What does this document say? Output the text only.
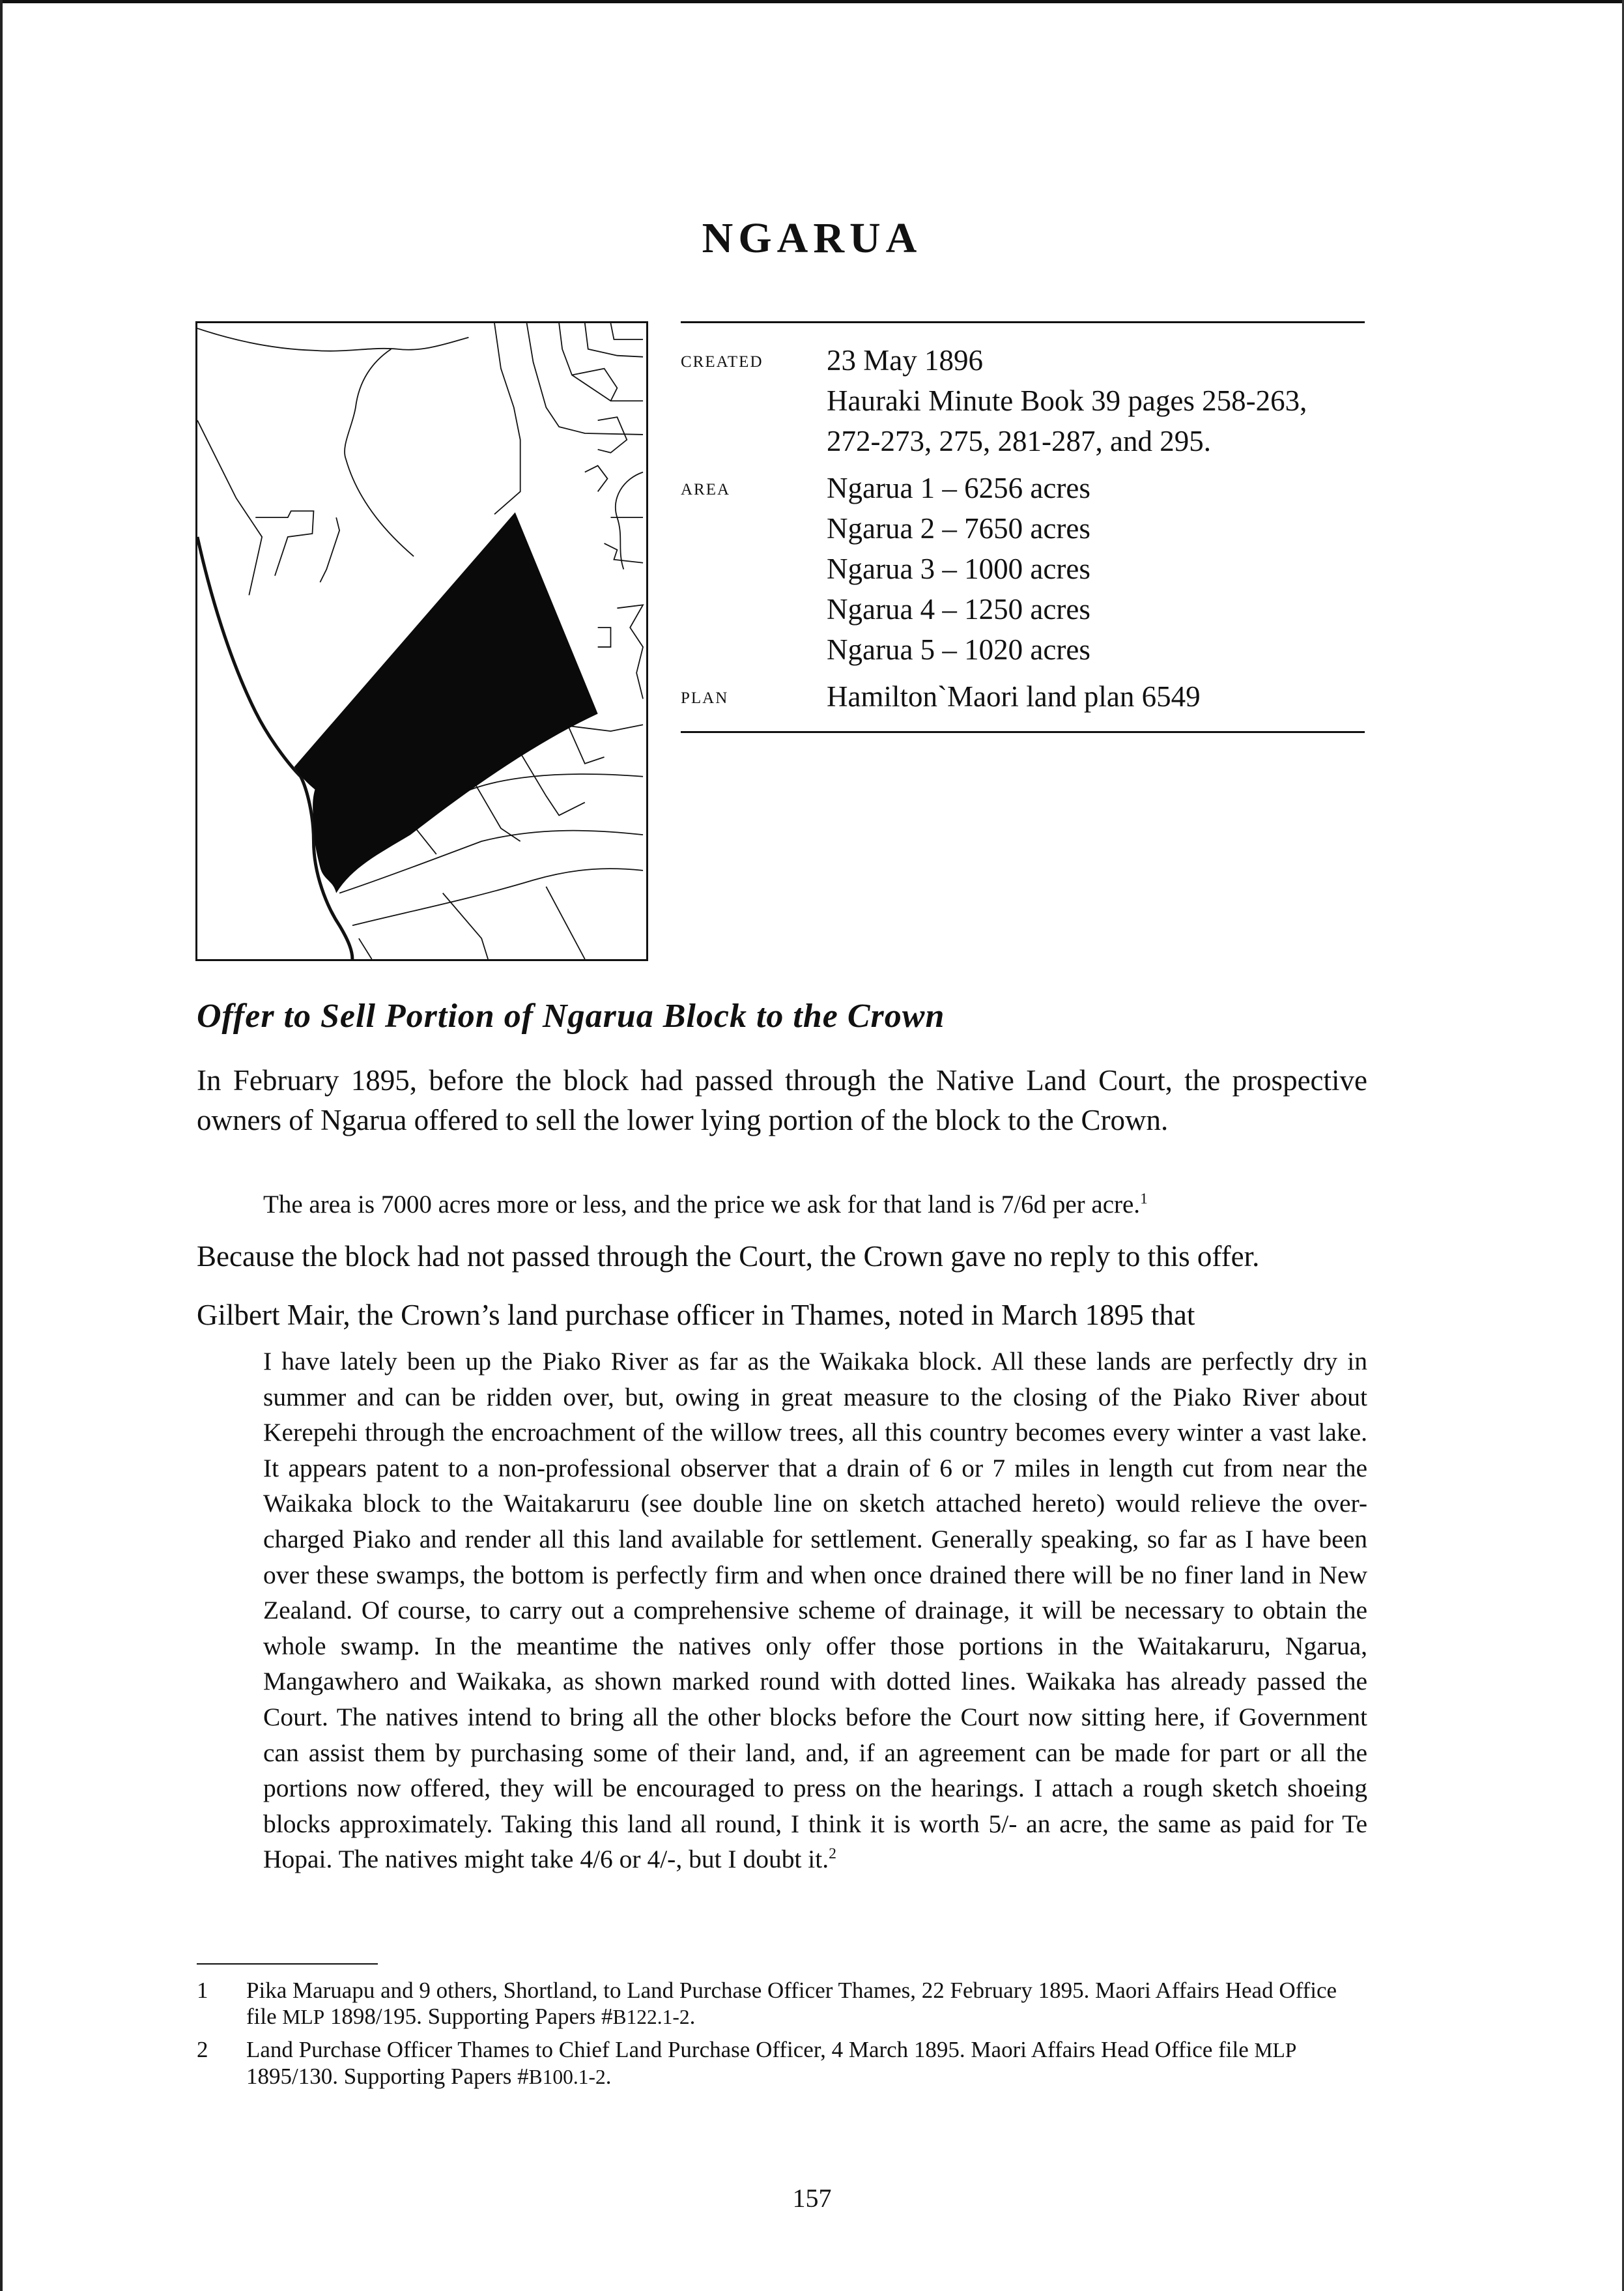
NGARUA
created	23 May 1896
Hauraki Minute Book 39 pages 258-263,
272-273, 275, 281-287, and 295.
area	Ngarua 1 – 6256 acres
Ngarua 2 – 7650 acres
Ngarua 3 – 1000 acres
Ngarua 4 – 1250 acres
Ngarua 5 – 1020 acres
plan	Hamilton`Maori land plan 6549
Offer to Sell Portion of Ngarua Block to the Crown

In February 1895, before the block had passed through the Native Land Court, the prospective owners of Ngarua offered to sell the lower lying portion of the block to the Crown.

The area is 7000 acres more or less, and the price we ask for that land is 7/6d per acre.$^1$

Because the block had not passed through the Court, the Crown gave no reply to this offer.

Gilbert Mair, the Crown’s land purchase officer in Thames, noted in March 1895 that

I have lately been up the Piako River as far as the Waikaka block. All these lands are perfectly dry in summer and can be ridden over, but, owing in great measure to the closing of the Piako River about Kerepehi through the encroachment of the willow trees, all this country becomes every winter a vast lake. It appears patent to a non-professional observer that a drain of 6 or 7 miles in length cut from near the Waikaka block to the Waitakaruru (see double line on sketch attached hereto) would relieve the over-charged Piako and render all this land available for settlement. Generally speaking, so far as I have been over these swamps, the bottom is perfectly firm and when once drained there will be no finer land in New Zealand. Of course, to carry out a comprehensive scheme of drainage, it will be necessary to obtain the whole swamp. In the meantime the natives only offer those portions in the Waitakaruru, Ngarua, Mangawhero and Waikaka, as shown marked round with dotted lines. Waikaka has already passed the Court. The natives intend to bring all the other blocks before the Court now sitting here, if Government can assist them by purchasing some of their land, and, if an agreement can be made for part or all the portions now offered, they will be encouraged to press on the hearings. I attach a rough sketch shoeing blocks approximately. Taking this land all round, I think it is worth 5/- an acre, the same as paid for Te Hopai. The natives might take 4/6 or 4/-, but I doubt it.$^2$

1	Pika Maruapu and 9 others, Shortland, to Land Purchase Officer Thames, 22 February 1895. Maori Affairs Head Office file MLP 1898/195. Supporting Papers #B122.1-2.
2	Land Purchase Officer Thames to Chief Land Purchase Officer, 4 March 1895. Maori Affairs Head Office file MLP 1895/130. Supporting Papers #B100.1-2.
157
